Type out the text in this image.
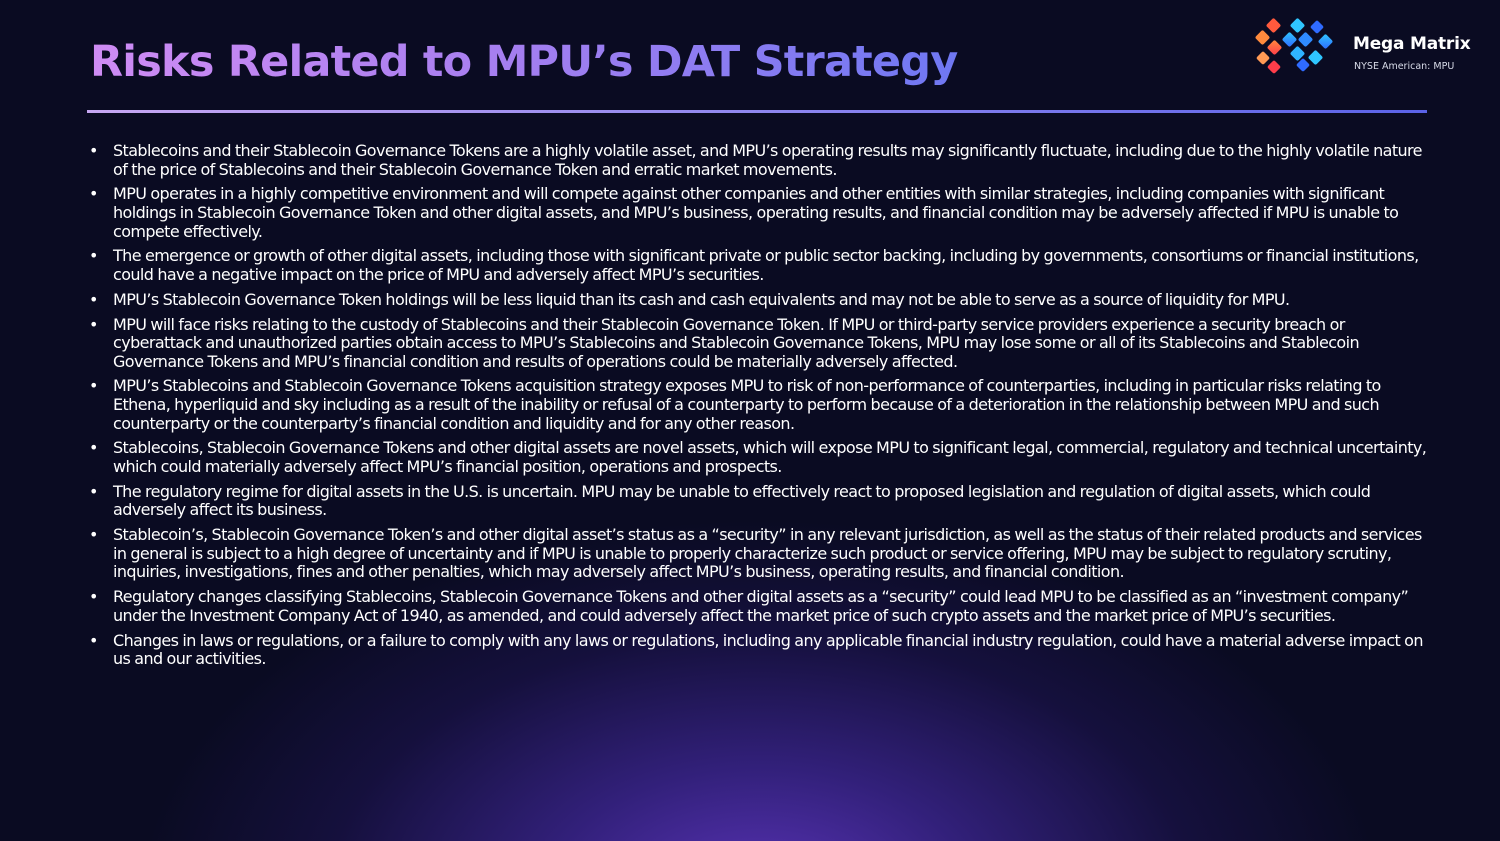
Risks Related to MPU’s DAT Strategy	Mega Matrix
NYSE American: MPU
• Stablecoins and their Stablecoin Governance Tokens are a highly volatile asset, and MPU’s operating results may significantly fluctuate, including due to the highly volatile nature of the price of Stablecoins and their Stablecoin Governance Token and erratic market movements.
• MPU operates in a highly competitive environment and will compete against other companies and other entities with similar strategies, including companies with significant holdings in Stablecoin Governance Token and other digital assets, and MPU’s business, operating results, and financial condition may be adversely affected if MPU is unable to compete effectively.
• The emergence or growth of other digital assets, including those with significant private or public sector backing, including by governments, consortiums or financial institutions, could have a negative impact on the price of MPU and adversely affect MPU’s securities.
• MPU’s Stablecoin Governance Token holdings will be less liquid than its cash and cash equivalents and may not be able to serve as a source of liquidity for MPU.
• MPU will face risks relating to the custody of Stablecoins and their Stablecoin Governance Token. If MPU or third-party service providers experience a security breach or cyberattack and unauthorized parties obtain access to MPU’s Stablecoins and Stablecoin Governance Tokens, MPU may lose some or all of its Stablecoins and Stablecoin Governance Tokens and MPU’s financial condition and results of operations could be materially adversely affected.
• MPU’s Stablecoins and Stablecoin Governance Tokens acquisition strategy exposes MPU to risk of non-performance of counterparties, including in particular risks relating to Ethena, hyperliquid and sky including as a result of the inability or refusal of a counterparty to perform because of a deterioration in the relationship between MPU and such counterparty or the counterparty’s financial condition and liquidity and for any other reason.
• Stablecoins, Stablecoin Governance Tokens and other digital assets are novel assets, which will expose MPU to significant legal, commercial, regulatory and technical uncertainty, which could materially adversely affect MPU’s financial position, operations and prospects.
• The regulatory regime for digital assets in the U.S. is uncertain. MPU may be unable to effectively react to proposed legislation and regulation of digital assets, which could adversely affect its business.
• Stablecoin’s, Stablecoin Governance Token’s and other digital asset’s status as a “security” in any relevant jurisdiction, as well as the status of their related products and services in general is subject to a high degree of uncertainty and if MPU is unable to properly characterize such product or service offering, MPU may be subject to regulatory scrutiny, inquiries, investigations, fines and other penalties, which may adversely affect MPU’s business, operating results, and financial condition.
• Regulatory changes classifying Stablecoins, Stablecoin Governance Tokens and other digital assets as a “security” could lead MPU to be classified as an “investment company” under the Investment Company Act of 1940, as amended, and could adversely affect the market price of such crypto assets and the market price of MPU’s securities.
• Changes in laws or regulations, or a failure to comply with any laws or regulations, including any applicable financial industry regulation, could have a material adverse impact on us and our activities.
